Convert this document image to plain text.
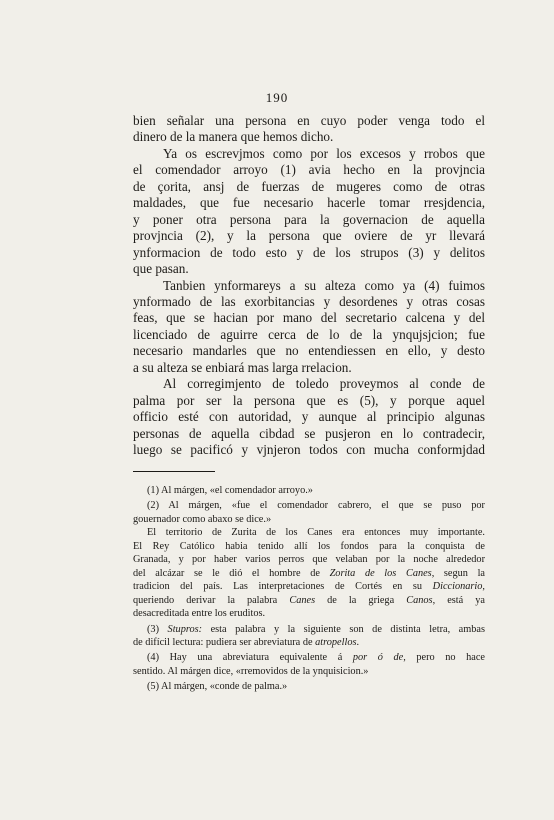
190
bien señalar una persona en cuyo poder venga todo el
dinero de la manera que hemos dicho.
Ya os escrevjmos como por los excesos y rrobos que
el comendador arroyo (1) avia hecho en la provjncia
de çorita, ansj de fuerzas de mugeres como de otras
maldades, que fue necesario hacerle tomar rresjdencia,
y poner otra persona para la governacion de aquella
provjncia (2), y la persona que oviere de yr llevará
ynformacion de todo esto y de los strupos (3) y delitos
que pasan.
Tanbien ynformareys a su alteza como ya (4) fuimos
ynformado de las exorbitancias y desordenes y otras cosas
feas, que se hacian por mano del secretario calcena y del
licenciado de aguirre cerca de lo de la ynqujsjcion; fue
necesario mandarles que no entendiessen en ello, y desto
a su alteza se enbiará mas larga rrelacion.
Al corregimjento de toledo proveymos al conde de
palma por ser la persona que es (5), y porque aquel
officio esté con autoridad, y aunque al principio algunas
personas de aquella cibdad se pusjeron en lo contradecir,
luego se pacificó y vjnjeron todos con mucha conformjdad
(1) Al márgen, «el comendador arroyo.»
(2) Al márgen, «fue el comendador cabrero, el que se puso por
gouernador como abaxo se dice.»
El territorio de Zurita de los Canes era entonces muy importante.
El Rey Católico habia tenido allí los fondos para la conquista de
Granada, y por haber varios perros que velaban por la noche alrededor
del alcázar se le dió el hombre de Zorita de los Canes, segun la
tradicion del país. Las interpretaciones de Cortés en su Diccionario,
queriendo derivar la palabra Canes de la griega Canos, está ya
desacreditada entre los eruditos.
(3) Stupros: esta palabra y la siguiente son de distinta letra, ambas
de difícil lectura: pudiera ser abreviatura de atropellos.
(4) Hay una abreviatura equivalente á por ó de, pero no hace
sentido. Al márgen dice, «rremovidos de la ynquisicion.»
(5) Al márgen, «conde de palma.»
